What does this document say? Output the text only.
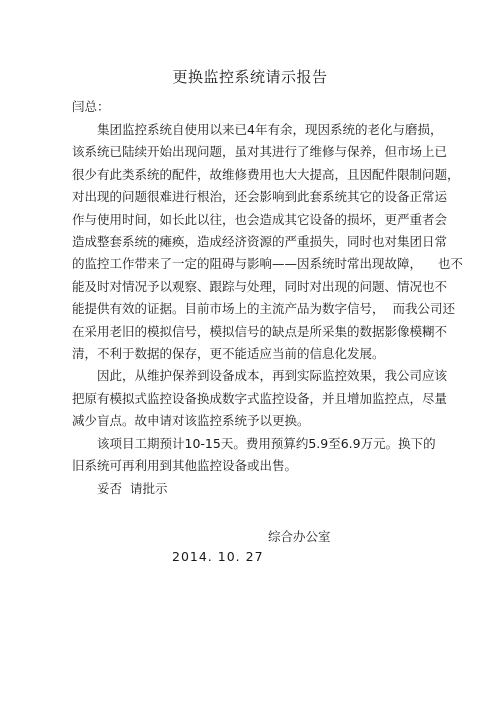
更换监控系统请示报告
闫总：
集团监控系统自使用以来已4年有余，现因系统的老化与磨损，
该系统已陆续开始出现问题，虽对其进行了维修与保养，但市场上已
很少有此类系统的配件，故维修费用也大大提高，且因配件限制问题，
对出现的问题很难进行根治，还会影响到此套系统其它的设备正常运
作与使用时间，如长此以往，也会造成其它设备的损坏，更严重者会
造成整套系统的瘫痪，造成经济资源的严重损失，同时也对集团日常
的监控工作带来了一定的阻碍与影响——因系统时常出现故障，    也不
能及时对情况予以观察、跟踪与处理，同时对出现的问题、情况也不
能提供有效的证据。目前市场上的主流产品为数字信号，  而我公司还
在采用老旧的模拟信号，模拟信号的缺点是所采集的数据影像模糊不
清，不利于数据的保存，更不能适应当前的信息化发展。
因此，从维护保养到设备成本，再到实际监控效果，我公司应该
把原有模拟式监控设备换成数字式监控设备，并且增加监控点，尽量
减少盲点。故申请对该监控系统予以更换。
该项目工期预计10-15天。费用预算约5.9至6.9万元。换下的
旧系统可再利用到其他监控设备或出售。
妥否  请批示
综合办公室
2014. 10. 27
